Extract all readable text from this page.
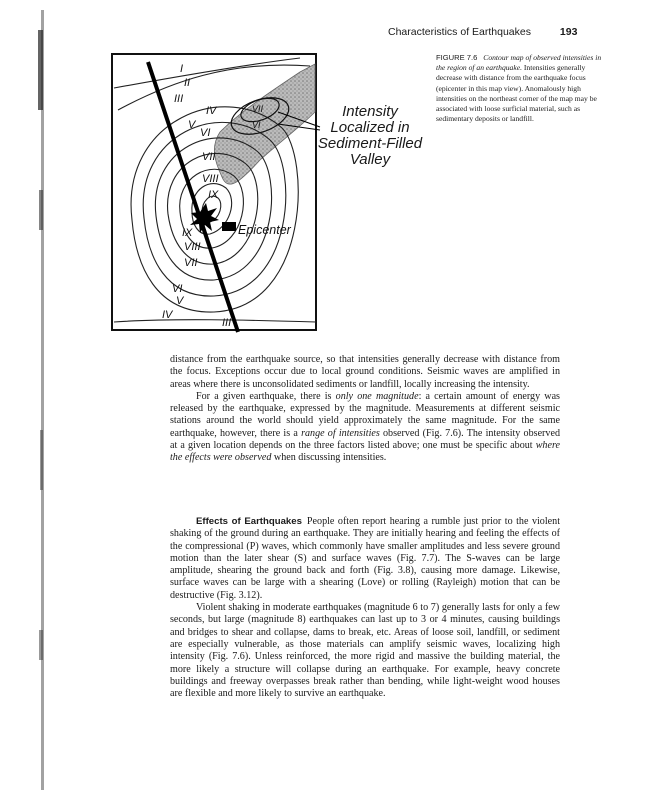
Characteristics of Earthquakes	193
I
II
III
IV
V
VI
VII
VIII
IX
IX
VIII
VII
VI
V
IV
III
VII
VI
Epicenter
Intensity
Localized in
Sediment-Filled
Valley
FIGURE 7.6 Contour map of observed intensities in the region of an earthquake. Intensities generally decrease with distance from the earthquake focus (epicenter in this map view). Anomalously high intensities on the northeast corner of the map may be associated with loose surficial material, such as sedimentary deposits or landfill.

distance from the earthquake source, so that intensities generally decrease with distance from the focus. Exceptions occur due to local ground conditions. Seismic waves are amplified in areas where there is unconsolidated sediments or landfill, locally increasing the intensity.

For a given earthquake, there is only one magnitude: a certain amount of energy was released by the earthquake, expressed by the magnitude. Measurements at different seismic stations around the world should yield approximately the same magnitude. For the same earthquake, however, there is a range of intensities observed (Fig. 7.6). The intensity observed at a given location depends on the three factors listed above; one must be specific about where the effects were observed when discussing intensities.

Effects of Earthquakes People often report hearing a rumble just prior to the violent shaking of the ground during an earthquake. They are initially hearing and feeling the effects of the compressional (P) waves, which commonly have smaller amplitudes and less severe ground motion than the later shear (S) and surface waves (Fig. 7.7). The S-waves can be large amplitude, shearing the ground back and forth (Fig. 3.8), causing more damage. Likewise, surface waves can be large with a shearing (Love) or rolling (Rayleigh) motion that can be destructive (Fig. 3.12).

Violent shaking in moderate earthquakes (magnitude 6 to 7) generally lasts for only a few seconds, but large (magnitude 8) earthquakes can last up to 3 or 4 minutes, causing buildings and bridges to shear and collapse, dams to break, etc. Areas of loose soil, landfill, or sediment are especially vulnerable, as those materials can amplify seismic waves, localizing high intensity (Fig. 7.6). Unless reinforced, the more rigid and massive the building material, the more likely a structure will collapse during an earthquake. For example, heavy concrete buildings and freeway overpasses break rather than bending, while light-weight wood houses are flexible and more likely to survive an earthquake.
